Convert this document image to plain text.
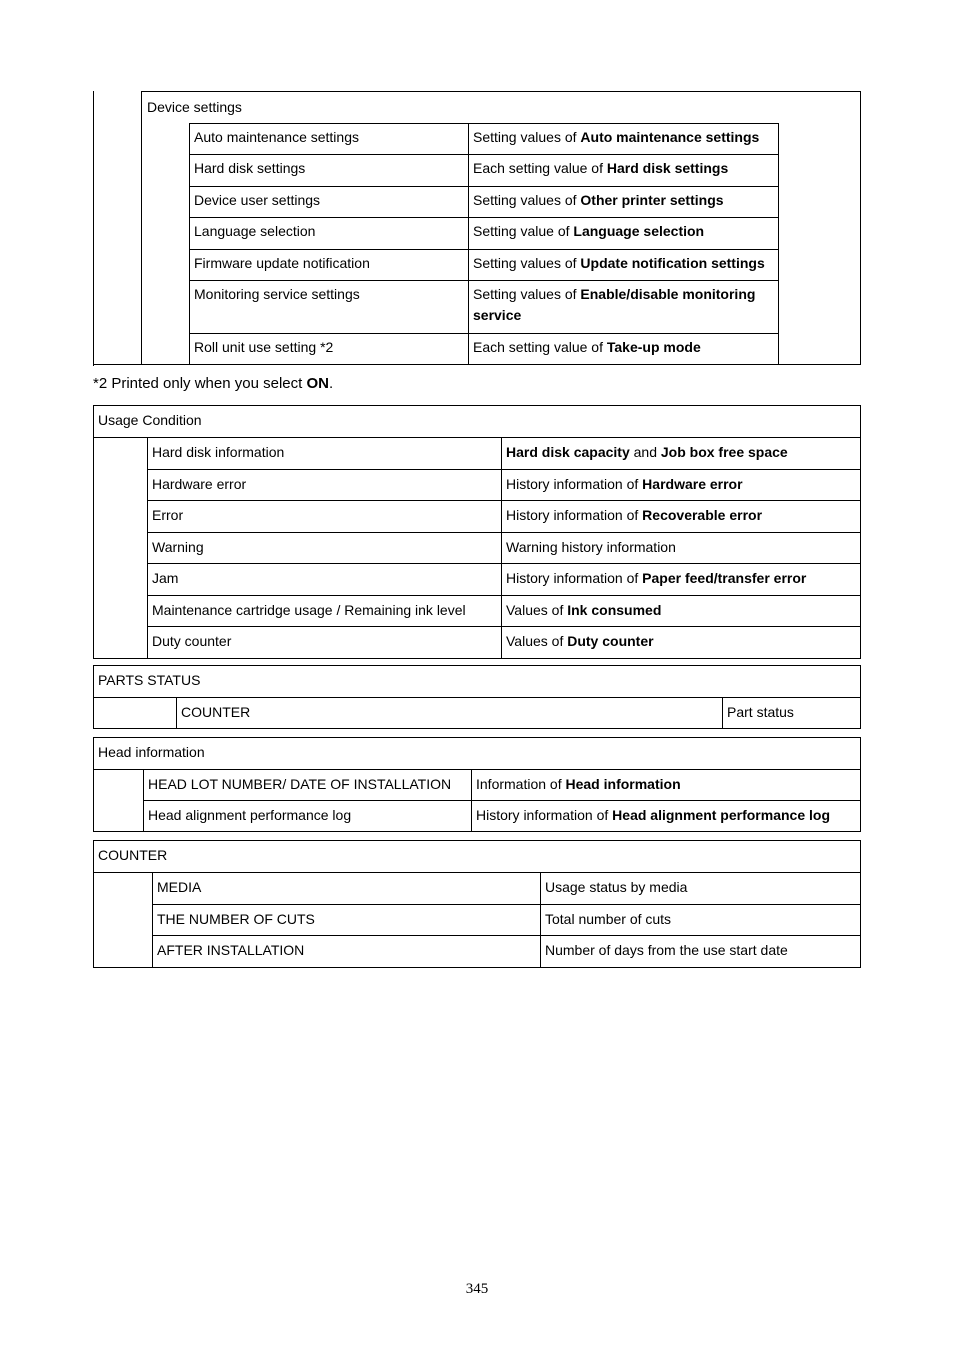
Device settings
Auto maintenance settings	Setting values of Auto maintenance settings
Hard disk settings	Each setting value of Hard disk settings
Device user settings	Setting values of Other printer settings
Language selection	Setting value of Language selection
Firmware update notification	Setting values of Update notification settings
Monitoring service settings	Setting values of Enable/disable monitoring service
Roll unit use setting *2	Each setting value of Take-up mode
*2 Printed only when you select ON.
Usage Condition
Hard disk information	Hard disk capacity and Job box free space
Hardware error	History information of Hardware error
Error	History information of Recoverable error
Warning	Warning history information
Jam	History information of Paper feed/transfer error
Maintenance cartridge usage / Remaining ink level	Values of Ink consumed
Duty counter	Values of Duty counter
PARTS STATUS
COUNTER	Part status
Head information
HEAD LOT NUMBER/ DATE OF INSTALLATION	Information of Head information
Head alignment performance log	History information of Head alignment performance log
COUNTER
MEDIA	Usage status by media
THE NUMBER OF CUTS	Total number of cuts
AFTER INSTALLATION	Number of days from the use start date
345
